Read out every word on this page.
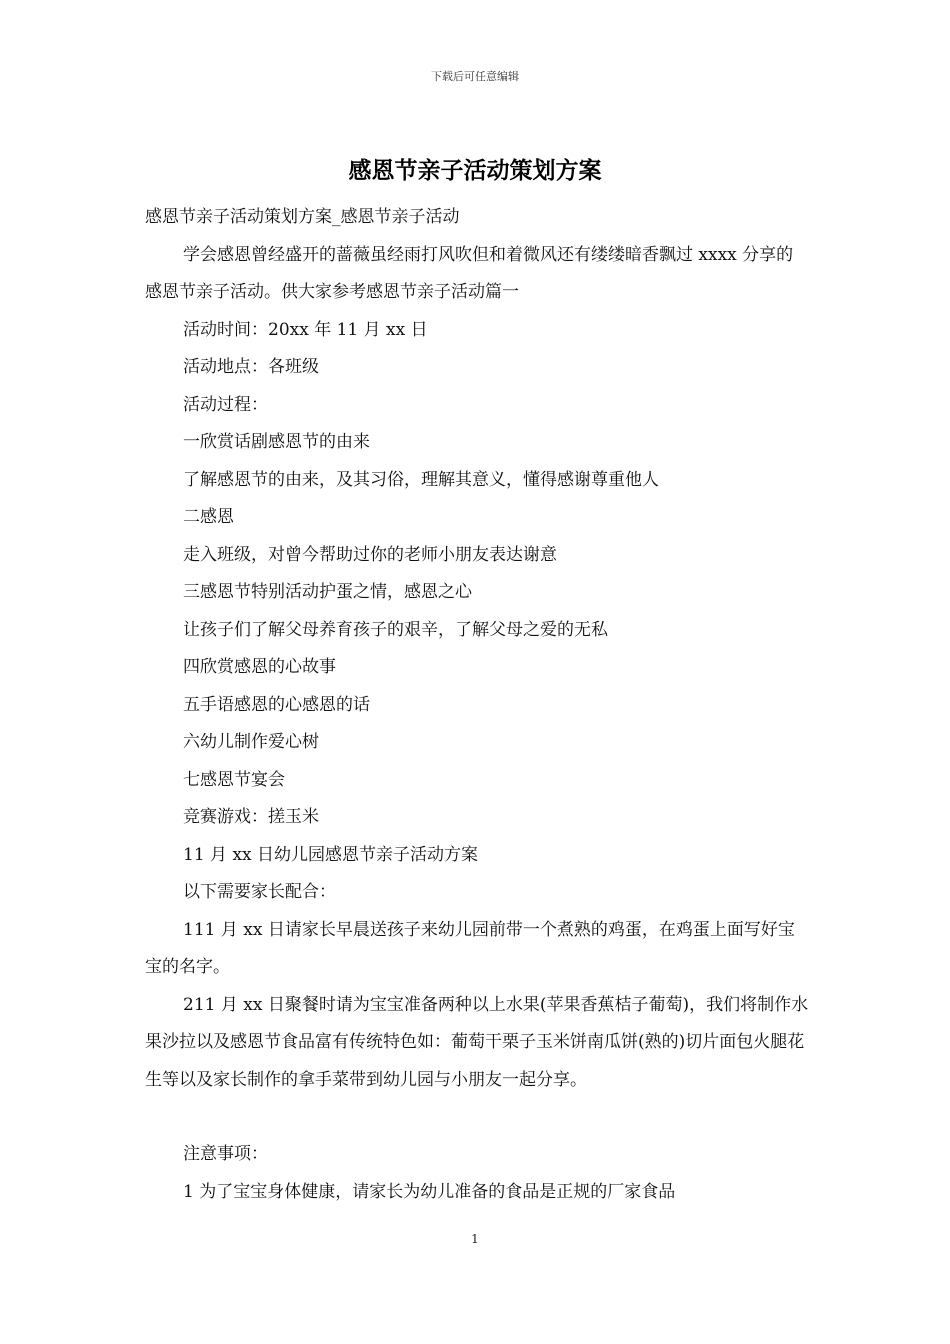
下载后可任意编辑
感恩节亲子活动策划方案

感恩节亲子活动策划方案_感恩节亲子活动

学会感恩曾经盛开的蔷薇虽经雨打风吹但和着微风还有缕缕暗香飘过 xxxx 分享的感恩节亲子活动。供大家参考感恩节亲子活动篇一

活动时间：20xx 年 11 月 xx 日

活动地点：各班级

活动过程：

一欣赏话剧感恩节的由来

了解感恩节的由来，及其习俗，理解其意义，懂得感谢尊重他人

二感恩

走入班级，对曾今帮助过你的老师小朋友表达谢意

三感恩节特别活动护蛋之情，感恩之心

让孩子们了解父母养育孩子的艰辛，了解父母之爱的无私

四欣赏感恩的心故事

五手语感恩的心感恩的话

六幼儿制作爱心树

七感恩节宴会

竞赛游戏：搓玉米

11 月 xx 日幼儿园感恩节亲子活动方案

以下需要家长配合：

111 月 xx 日请家长早晨送孩子来幼儿园前带一个煮熟的鸡蛋，在鸡蛋上面写好宝宝的名字。

211 月 xx 日聚餐时请为宝宝准备两种以上水果(苹果香蕉桔子葡萄)，我们将制作水果沙拉以及感恩节食品富有传统特色如：葡萄干栗子玉米饼南瓜饼(熟的)切片面包火腿花生等以及家长制作的拿手菜带到幼儿园与小朋友一起分享。

注意事项：

1 为了宝宝身体健康，请家长为幼儿准备的食品是正规的厂家食品

1
